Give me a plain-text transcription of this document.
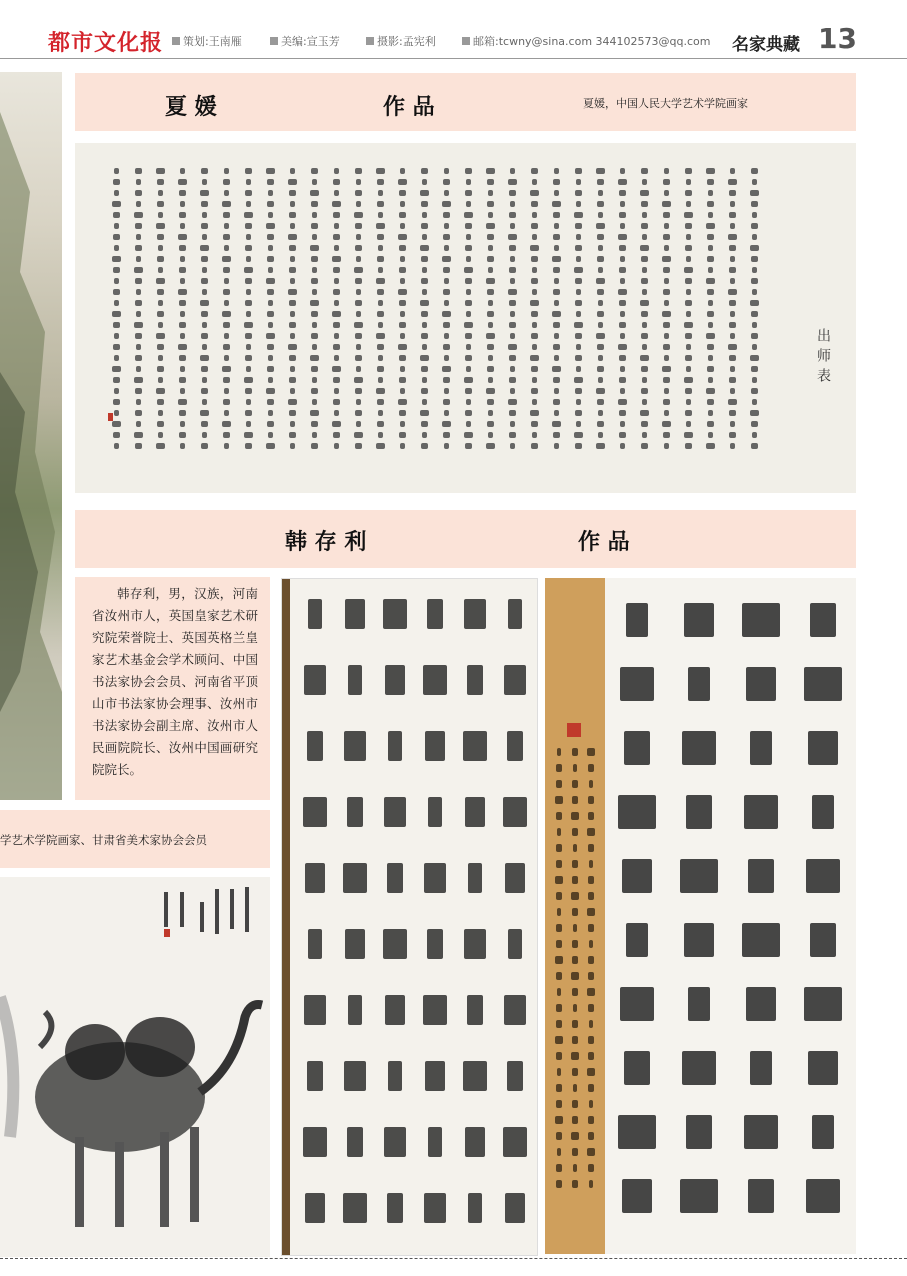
都市文化报	策划:王南雁	美编:宣玉芳	摄影:孟宪利	邮箱:tcwny@sina.com 344102573@qq.com 名家典藏 13
夏 媛	作 品	夏媛，中国人民大学艺术学院画家
出师表
韩 存 利	作 品
韩存利，男，汉族，河南省汝州市人，英国皇家艺术研究院荣誉院士、英国英格兰皇家艺术基金会学术顾问、中国书法家协会会员、河南省平顶山市书法家协会理事、汝州市书法家协会副主席、汝州市人民画院院长、汝州中国画研究院院长。
学艺术学院画家、甘肃省美术家协会会员
